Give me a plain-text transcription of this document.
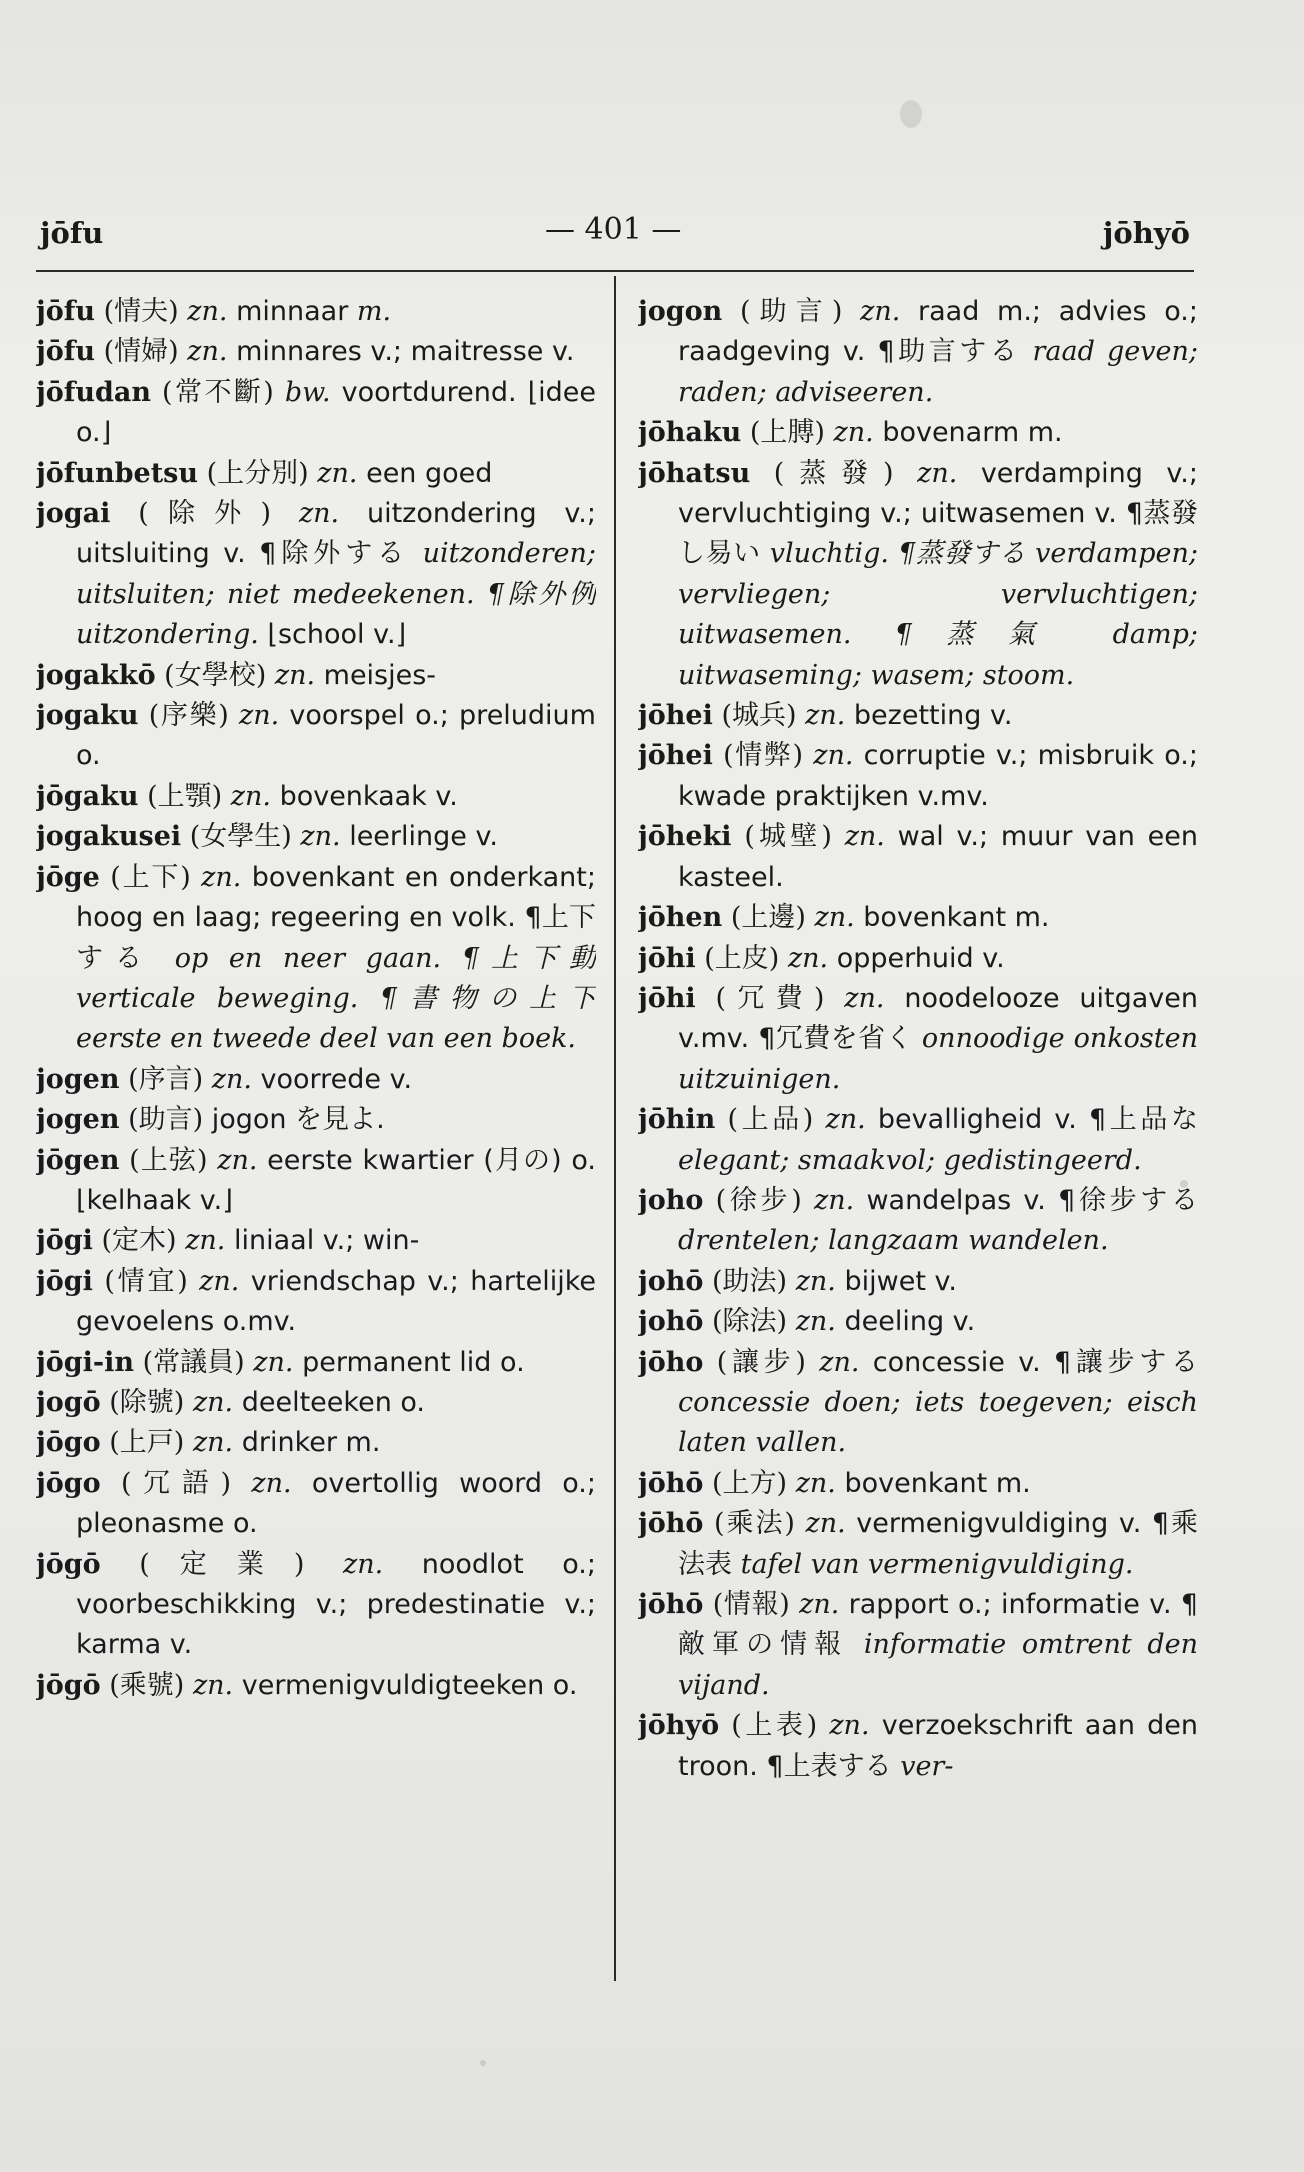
jōfu	— 401 —	jōhyō

jōfu (情夫) zn. minnaar m.

jōfu (情婦) zn. minnares v.; maitresse v.

jōfudan (常不斷) bw. voortdurend. ⌊idee o.⌋

jōfunbetsu (上分別) zn. een goed

jogai (除外) zn. uitzondering v.; uitsluiting v. ¶除外する uitzonderen; uitsluiten; niet medeekenen. ¶除外例 uitzondering. ⌊school v.⌋

jogakkō (女學校) zn. meisjes-

jogaku (序樂) zn. voorspel o.; preludium o.

jōgaku (上顎) zn. bovenkaak v.

jogakusei (女學生) zn. leerlinge v.

jōge (上下) zn. bovenkant en onderkant; hoog en laag; regeering en volk. ¶上下する op en neer gaan. ¶上下動 verticale beweging. ¶書物の上下 eerste en tweede deel van een boek.

jogen (序言) zn. voorrede v.

jogen (助言) jogon を見よ.

jōgen (上弦) zn. eerste kwartier (月の) o. ⌊kelhaak v.⌋

jōgi (定木) zn. liniaal v.; win-

jōgi (情宜) zn. vriendschap v.; hartelijke gevoelens o.mv.

jōgi-in (常議員) zn. permanent lid o.

jogō (除號) zn. deelteeken o.

jōgo (上戸) zn. drinker m.

jōgo (冗語) zn. overtollig woord o.; pleonasme o.

jōgō (定業) zn. noodlot o.; voorbeschikking v.; predestinatie v.; karma v.

jōgō (乘號) zn. vermenigvuldigteeken o.

jogon (助言) zn. raad m.; advies o.; raadgeving v. ¶助言する raad geven; raden; adviseeren.

jōhaku (上膊) zn. bovenarm m.

jōhatsu (蒸發) zn. verdamping v.; vervluchtiging v.; uitwasemen v. ¶蒸發し易い vluchtig. ¶蒸發する verdampen; vervliegen; vervluchtigen; uitwasemen. ¶蒸氣 damp; uitwaseming; wasem; stoom.

jōhei (城兵) zn. bezetting v.

jōhei (情弊) zn. corruptie v.; misbruik o.; kwade praktijken v.mv.

jōheki (城壁) zn. wal v.; muur van een kasteel.

jōhen (上邊) zn. bovenkant m.

jōhi (上皮) zn. opperhuid v.

jōhi (冗費) zn. noodelooze uitgaven v.mv. ¶冗費を省く onnoodige onkosten uitzuinigen.

jōhin (上品) zn. bevalligheid v. ¶上品な elegant; smaakvol; gedistingeerd.

joho (徐步) zn. wandelpas v. ¶徐步する drentelen; langzaam wandelen.

johō (助法) zn. bijwet v.

johō (除法) zn. deeling v.

jōho (讓步) zn. concessie v. ¶讓步する concessie doen; iets toegeven; eisch laten vallen.

jōhō (上方) zn. bovenkant m.

jōhō (乘法) zn. vermenigvuldiging v. ¶乘法表 tafel van vermenigvuldiging.

jōhō (情報) zn. rapport o.; informatie v. ¶敵軍の情報 informatie omtrent den vijand.

jōhyō (上表) zn. verzoekschrift aan den troon. ¶上表する ver-
